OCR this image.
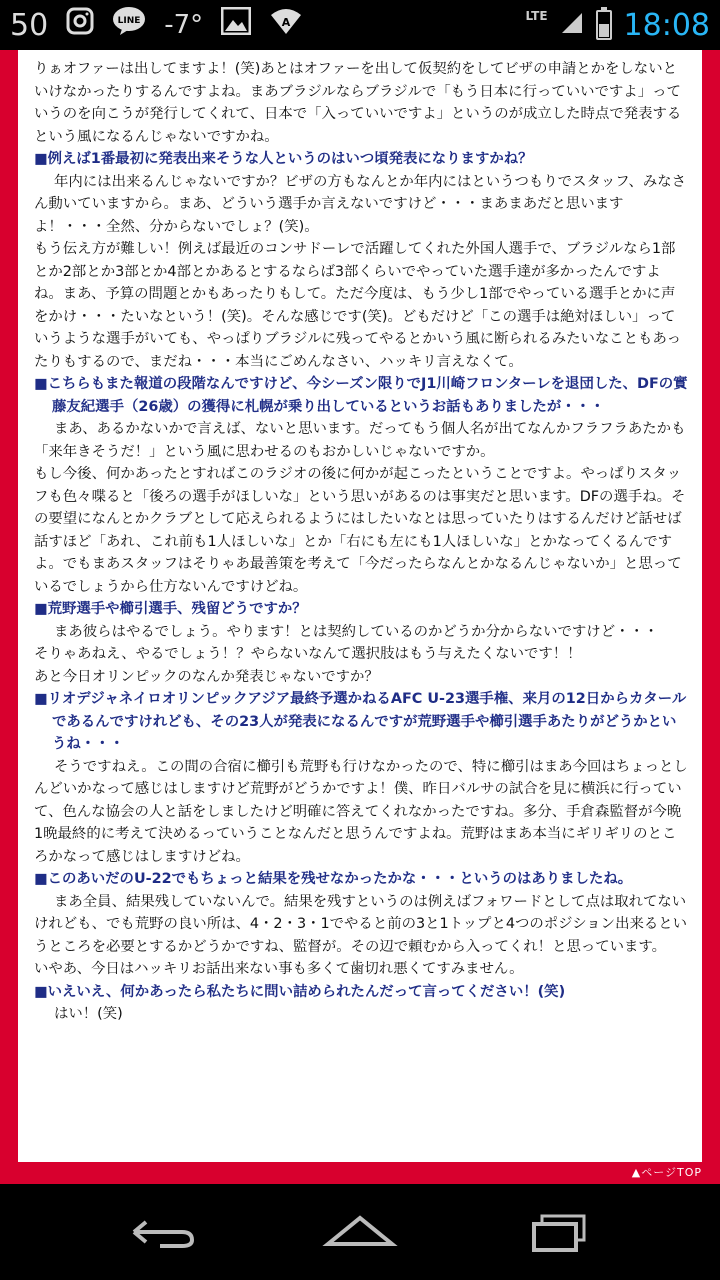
50	LINE -7°	A	LTE	18:08

りぁオファーは出してますよ！(笑)あとはオファーを出して仮契約をしてビザの申請とかをしないといけなかったりするんですよね。まあブラジルならブラジルで「もう日本に行っていいですよ」っていうのを向こうが発行してくれて、日本で「入っていいですよ」というのが成立した時点で発表するという風になるんじゃないですかね。

■例えば1番最初に発表出来そうな人というのはいつ頃発表になりますかね？

年内には出来るんじゃないですか？ビザの方もなんとか年内にはというつもりでスタッフ、みなさん動いていますから。まあ、どういう選手か言えないですけど・・・まあまあだと思いますよ！・・・全然、分からないでしょ？(笑)。
もう伝え方が難しい！例えば最近のコンサドーレで活躍してくれた外国人選手で、ブラジルなら1部とか2部とか3部とか4部とかあるとするならば3部くらいでやっていた選手達が多かったんですよね。まあ、予算の問題とかもあったりもして。ただ今度は、もう少し1部でやっている選手とかに声をかけ・・・たいなという！(笑)。そんな感じです(笑)。どもだけど「この選手は絶対ほしい」っていうような選手がいても、やっぱりブラジルに残ってやるとかいう風に断られるみたいなこともあったりもするので、まだね・・・本当にごめんなさい、ハッキリ言えなくて。

■こちらもまた報道の段階なんですけど、今シーズン限りでJ1川崎フロンターレを退団した、DFの實藤友紀選手（26歳）の獲得に札幌が乗り出しているというお話もありましたが・・・

まあ、あるかないかで言えば、ないと思います。だってもう個人名が出てなんかフラフラあたかも「来年きそうだ！」という風に思わせるのもおかしいじゃないですか。
もし今後、何かあったとすればこのラジオの後に何かが起こったということですよ。やっぱりスタッフも色々喋ると「後ろの選手がほしいな」という思いがあるのは事実だと思います。DFの選手ね。その要望になんとかクラブとして応えられるようにはしたいなとは思っていたりはするんだけど話せば話すほど「あれ、これ前も1人ほしいな」とか「右にも左にも1人ほしいな」とかなってくるんですよ。でもまあスタッフはそりゃあ最善策を考えて「今だったらなんとかなるんじゃないか」と思っているでしょうから仕方ないんですけどね。

■荒野選手や櫛引選手、残留どうですか？

まあ彼らはやるでしょう。やります！とは契約しているのかどうか分からないですけど・・・
そりゃあねえ、やるでしょう！？やらないなんて選択肢はもう与えたくないです！！
あと今日オリンピックのなんか発表じゃないですか？

■リオデジャネイロオリンピックアジア最終予選かねるAFC U-23選手権、来月の12日からカタールであるんですけれども、その23人が発表になるんですが荒野選手や櫛引選手あたりがどうかというね・・・

そうですねえ。この間の合宿に櫛引も荒野も行けなかったので、特に櫛引はまあ今回はちょっとしんどいかなって感じはしますけど荒野がどうかですよ！僕、昨日バルサの試合を見に横浜に行っていて、色んな協会の人と話をしましたけど明確に答えてくれなかったですね。多分、手倉森監督が今晩1晩最終的に考えて決めるっていうことなんだと思うんですよね。荒野はまあ本当にギリギリのところかなって感じはしますけどね。

■このあいだのU-22でもちょっと結果を残せなかったかな・・・というのはありましたね。

まあ全員、結果残していないんで。結果を残すというのは例えばフォワードとして点は取れてないけれども、でも荒野の良い所は、4・2・3・1でやると前の3と1トップと4つのポジション出来るというところを必要とするかどうかですね、監督が。その辺で頼むから入ってくれ！と思っています。
いやあ、今日はハッキリお話出来ない事も多くて歯切れ悪くてすみません。

■いえいえ、何かあったら私たちに問い詰められたんだって言ってください！(笑)

はい！(笑)

▲ページTOP
